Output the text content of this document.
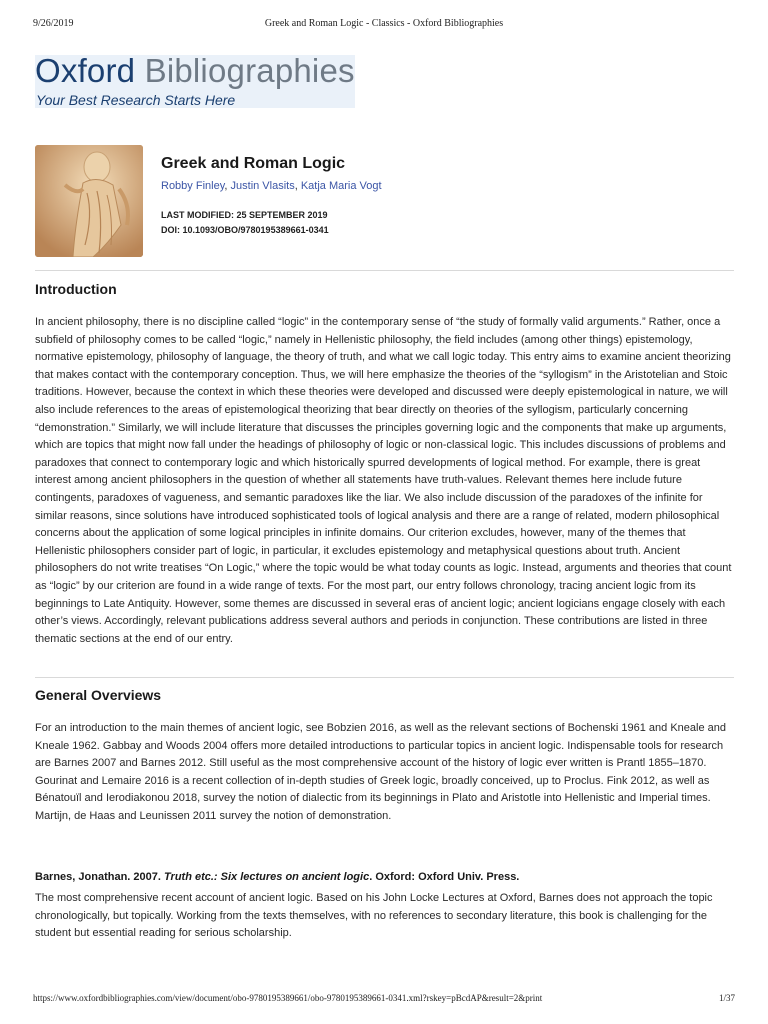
9/26/2019	Greek and Roman Logic - Classics - Oxford Bibliographies
Oxford Bibliographies
Your Best Research Starts Here
Greek and Roman Logic
Robby Finley, Justin Vlasits, Katja Maria Vogt
LAST MODIFIED: 25 SEPTEMBER 2019
DOI: 10.1093/OBO/9780195389661-0341
Introduction

In ancient philosophy, there is no discipline called “logic” in the contemporary sense of “the study of formally valid arguments.” Rather, once a subfield of philosophy comes to be called “logic,” namely in Hellenistic philosophy, the field includes (among other things) epistemology, normative epistemology, philosophy of language, the theory of truth, and what we call logic today. This entry aims to examine ancient theorizing that makes contact with the contemporary conception. Thus, we will here emphasize the theories of the “syllogism” in the Aristotelian and Stoic traditions. However, because the context in which these theories were developed and discussed were deeply epistemological in nature, we will also include references to the areas of epistemological theorizing that bear directly on theories of the syllogism, particularly concerning “demonstration.” Similarly, we will include literature that discusses the principles governing logic and the components that make up arguments, which are topics that might now fall under the headings of philosophy of logic or non-classical logic. This includes discussions of problems and paradoxes that connect to contemporary logic and which historically spurred developments of logical method. For example, there is great interest among ancient philosophers in the question of whether all statements have truth-values. Relevant themes here include future contingents, paradoxes of vagueness, and semantic paradoxes like the liar. We also include discussion of the paradoxes of the infinite for similar reasons, since solutions have introduced sophisticated tools of logical analysis and there are a range of related, modern philosophical concerns about the application of some logical principles in infinite domains. Our criterion excludes, however, many of the themes that Hellenistic philosophers consider part of logic, in particular, it excludes epistemology and metaphysical questions about truth. Ancient philosophers do not write treatises “On Logic,” where the topic would be what today counts as logic. Instead, arguments and theories that count as “logic” by our criterion are found in a wide range of texts. For the most part, our entry follows chronology, tracing ancient logic from its beginnings to Late Antiquity. However, some themes are discussed in several eras of ancient logic; ancient logicians engage closely with each other’s views. Accordingly, relevant publications address several authors and periods in conjunction. These contributions are listed in three thematic sections at the end of our entry.

General Overviews

For an introduction to the main themes of ancient logic, see Bobzien 2016, as well as the relevant sections of Bochenski 1961 and Kneale and Kneale 1962. Gabbay and Woods 2004 offers more detailed introductions to particular topics in ancient logic. Indispensable tools for research are Barnes 2007 and Barnes 2012. Still useful as the most comprehensive account of the history of logic ever written is Prantl 1855–1870. Gourinat and Lemaire 2016 is a recent collection of in-depth studies of Greek logic, broadly conceived, up to Proclus. Fink 2012, as well as Bénatouïl and Ierodiakonou 2018, survey the notion of dialectic from its beginnings in Plato and Aristotle into Hellenistic and Imperial times. Martijn, de Haas and Leunissen 2011 survey the notion of demonstration.

Barnes, Jonathan. 2007. Truth etc.: Six lectures on ancient logic. Oxford: Oxford Univ. Press.

The most comprehensive recent account of ancient logic. Based on his John Locke Lectures at Oxford, Barnes does not approach the topic chronologically, but topically. Working from the texts themselves, with no references to secondary literature, this book is challenging for the student but essential reading for serious scholarship.

https://www.oxfordbibliographies.com/view/document/obo-9780195389661/obo-9780195389661-0341.xml?rskey=pBcdAP&result=2&print	1/37
